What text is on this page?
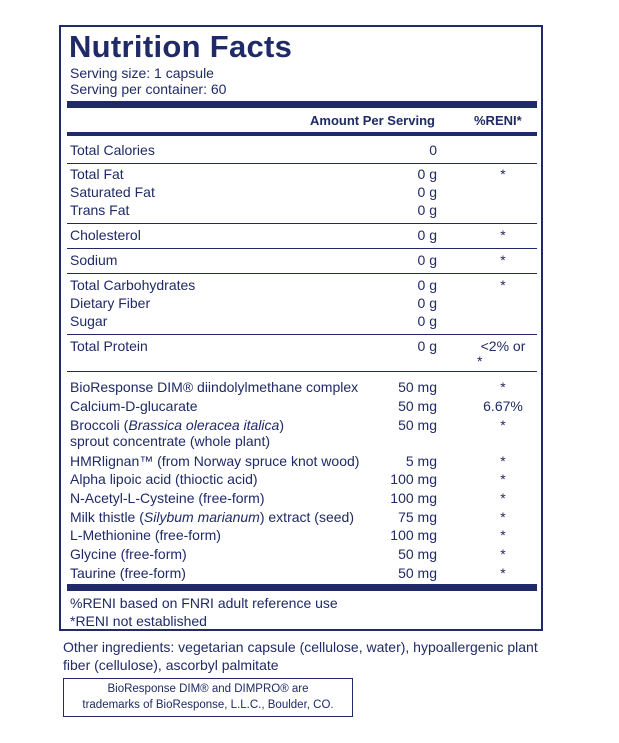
Nutrition Facts
Serving size: 1 capsule
Serving per container: 60
Amount Per Serving	%RENI*
Total Calories	0
Total Fat	0 g	*
Saturated Fat	0 g
Trans Fat	0 g
Cholesterol	0 g	*
Sodium	0 g	*
Total Carbohydrates	0 g	*
Dietary Fiber	0 g
Sugar	0 g
Total Protein	0 g	<2% or
*
BioResponse DIM® diindolylmethane complex	50 mg	*
Calcium-D-glucarate	50 mg	6.67%
Broccoli (Brassica oleracea italica)
sprout concentrate (whole plant)
50 mg	*
HMRlignan™ (from Norway spruce knot wood)	5 mg	*
Alpha lipoic acid (thioctic acid)	100 mg	*
N-Acetyl-L-Cysteine (free-form)	100 mg	*
Milk thistle (Silybum marianum) extract (seed)	75 mg	*
L-Methionine (free-form)	100 mg	*
Glycine (free-form)	50 mg	*
Taurine (free-form)	50 mg	*
%RENI based on FNRI adult reference use
*RENI not established
Other ingredients: vegetarian capsule (cellulose, water), hypoallergenic plant fiber (cellulose), ascorbyl palmitate
BioResponse DIM® and DIMPRO® are
trademarks of BioResponse, L.L.C., Boulder, CO.
